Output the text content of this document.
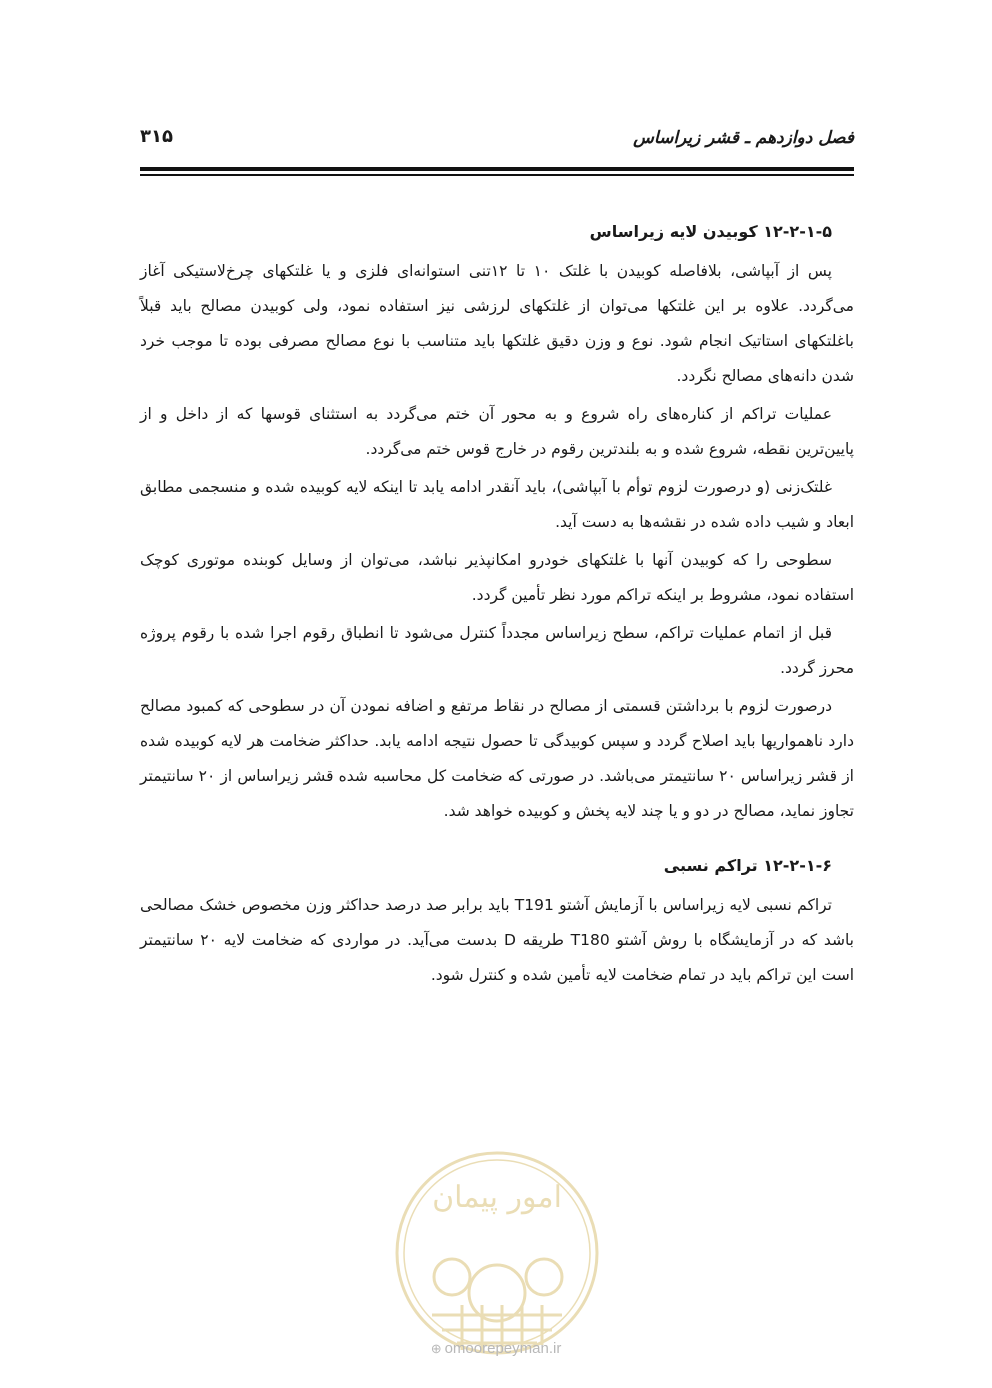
فصل دوازدهم ـ قشر زیراساس
۳۱۵
۱۲-۲-۱-۵ کوبیدن لایه زیراساس

پس از آبپاشی، بلافاصله کوبیدن با غلتک ۱۰ تا ۱۲تنی استوانه‌ای فلزی و یا غلتکهای چرخ‌لاستیکی آغاز می‌گردد. علاوه بر این غلتکها می‌توان از غلتکهای لرزشی نیز استفاده نمود، ولی کوبیدن مصالح باید قبلاً باغلتکهای استاتیک انجام شود. نوع و وزن دقیق غلتکها باید متناسب با نوع مصالح مصرفی بوده تا موجب خرد شدن دانه‌های مصالح نگردد.

عملیات تراکم از کناره‌های راه شروع و به محور آن ختم می‌گردد به استثنای قوسها که از داخل و از پایین‌ترین نقطه، شروع شده و به بلندترین رقوم در خارج قوس ختم می‌گردد.

غلتک‌زنی (و درصورت لزوم توأم با آبپاشی)، باید آنقدر ادامه یابد تا اینکه لایه کوبیده شده و منسجمی مطابق ابعاد و شیب داده شده در نقشه‌ها به دست آید.

سطوحی را که کوبیدن آنها با غلتکهای خودرو امکانپذیر نباشد، می‌توان از وسایل کوبنده موتوری کوچک استفاده نمود، مشروط بر اینکه تراکم مورد نظر تأمین گردد.

قبل از اتمام عملیات تراکم، سطح زیراساس مجدداً کنترل می‌شود تا انطباق رقوم اجرا شده با رقوم پروژه محرز گردد.

درصورت لزوم با برداشتن قسمتی از مصالح در نقاط مرتفع و اضافه نمودن آن در سطوحی که کمبود مصالح دارد ناهمواریها باید اصلاح گردد و سپس کوبیدگی تا حصول نتیجه ادامه یابد. حداکثر ضخامت هر لایه کوبیده شده از قشر زیراساس ۲۰ سانتیمتر می‌باشد. در صورتی که ضخامت کل محاسبه شده قشر زیراساس از ۲۰ سانتیمتر تجاوز نماید، مصالح در دو و یا چند لایه پخش و کوبیده خواهد شد.

۱۲-۲-۱-۶ تراکم نسبی

تراکم نسبی لایه زیراساس با آزمایش آشتو T191 باید برابر صد درصد حداکثر وزن مخصوص خشک مصالحی باشد که در آزمایشگاه با روش آشتو T180 طریقه D بدست می‌آید. در مواردی که ضخامت لایه ۲۰ سانتیمتر است این تراکم باید در تمام ضخامت لایه تأمین شده و کنترل شود.

امور پیمان
⊕ omoorepeyman.ir
